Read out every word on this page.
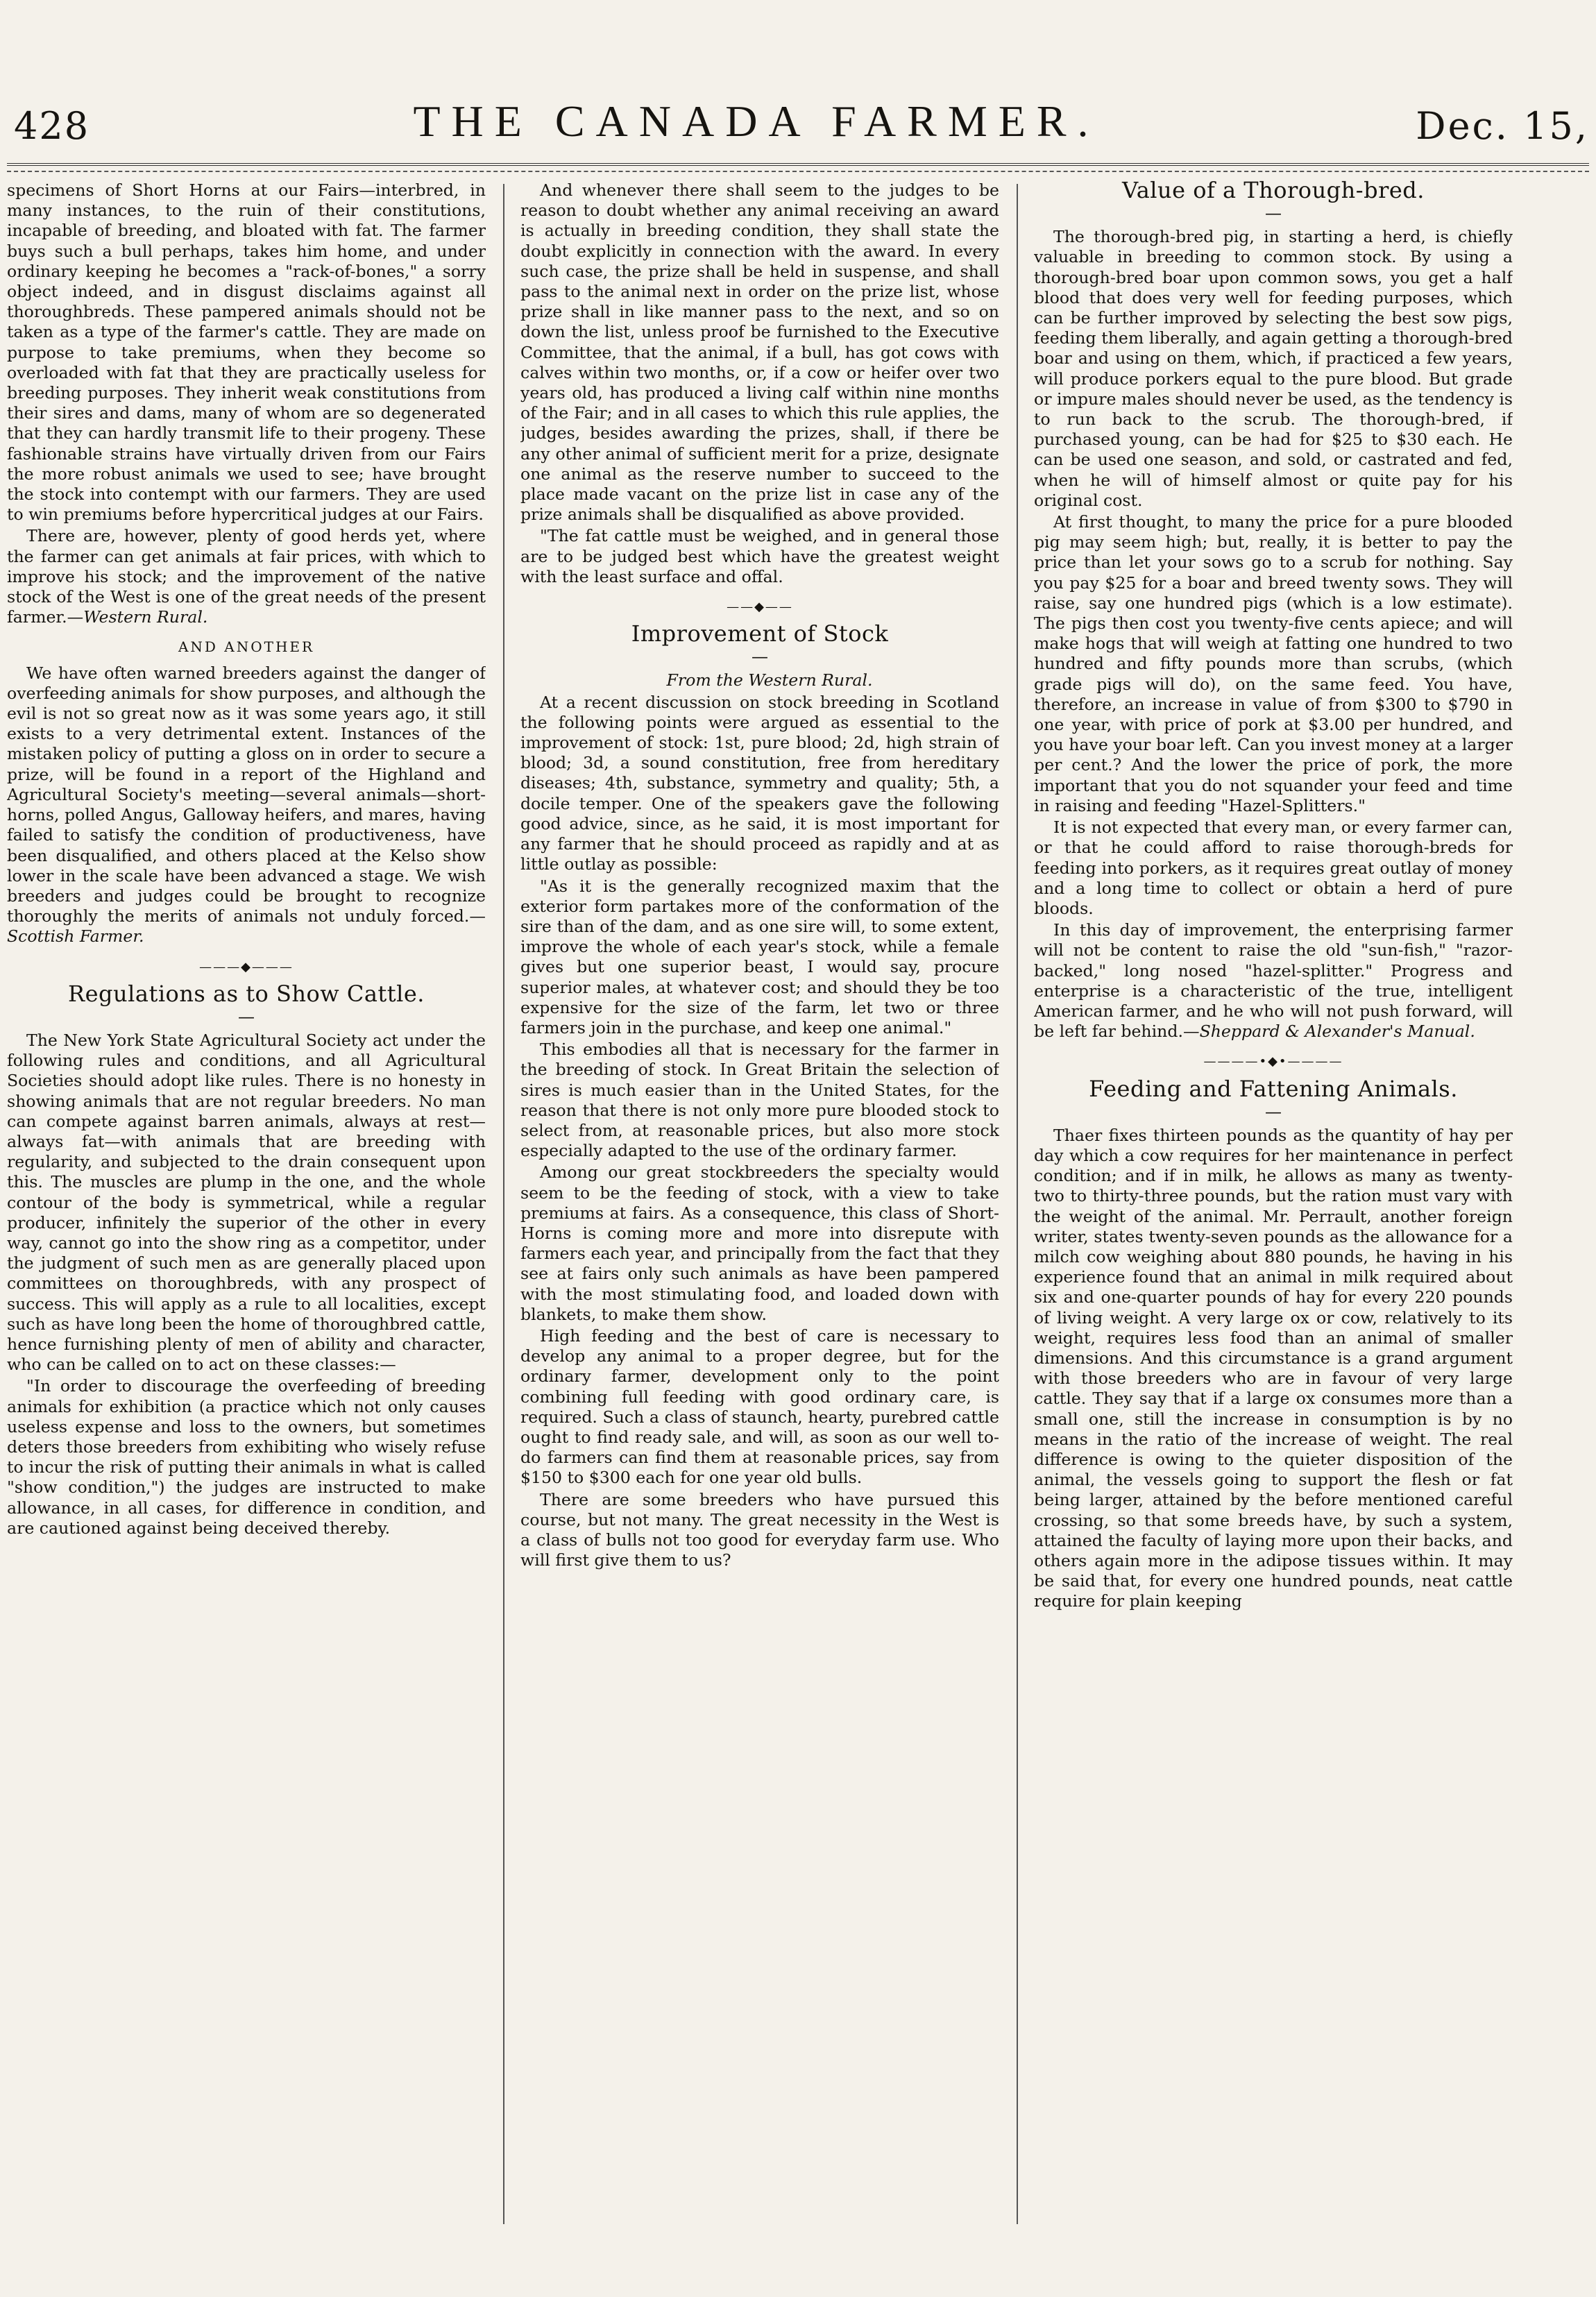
428	THE CANADA FARMER.	Dec. 15,

specimens of Short Horns at our Fairs—interbred, in many instances, to the ruin of their constitutions, incapable of breeding, and bloated with fat. The farmer buys such a bull perhaps, takes him home, and under ordinary keeping he becomes a "rack-of-bones," a sorry object indeed, and in disgust disclaims against all thoroughbreds. These pampered animals should not be taken as a type of the farmer's cattle. They are made on purpose to take premiums, when they become so overloaded with fat that they are practically useless for breeding purposes. They inherit weak constitutions from their sires and dams, many of whom are so degenerated that they can hardly transmit life to their progeny. These fashionable strains have virtually driven from our Fairs the more robust animals we used to see; have brought the stock into contempt with our farmers. They are used to win premiums before hypercritical judges at our Fairs.

There are, however, plenty of good herds yet, where the farmer can get animals at fair prices, with which to improve his stock; and the improvement of the native stock of the West is one of the great needs of the present farmer.—Western Rural.

AND ANOTHER

We have often warned breeders against the danger of overfeeding animals for show purposes, and although the evil is not so great now as it was some years ago, it still exists to a very detrimental extent. Instances of the mistaken policy of putting a gloss on in order to secure a prize, will be found in a report of the Highland and Agricultural Society's meeting—several animals—short-horns, polled Angus, Galloway heifers, and mares, having failed to satisfy the condition of productiveness, have been disqualified, and others placed at the Kelso show lower in the scale have been advanced a stage. We wish breeders and judges could be brought to recognize thoroughly the merits of animals not unduly forced.—Scottish Farmer.

———◆———
Regulations as to Show Cattle.
—

The New York State Agricultural Society act under the following rules and conditions, and all Agricultural Societies should adopt like rules. There is no honesty in showing animals that are not regular breeders. No man can compete against barren animals, always at rest—always fat—with animals that are breeding with regularity, and subjected to the drain consequent upon this. The muscles are plump in the one, and the whole contour of the body is symmetrical, while a regular producer, infinitely the superior of the other in every way, cannot go into the show ring as a competitor, under the judgment of such men as are generally placed upon committees on thoroughbreds, with any prospect of success. This will apply as a rule to all localities, except such as have long been the home of thoroughbred cattle, hence furnishing plenty of men of ability and character, who can be called on to act on these classes:—

"In order to discourage the overfeeding of breeding animals for exhibition (a practice which not only causes useless expense and loss to the owners, but sometimes deters those breeders from exhibiting who wisely refuse to incur the risk of putting their animals in what is called "show condition,") the judges are instructed to make allowance, in all cases, for difference in condition, and are cautioned against being deceived thereby.

And whenever there shall seem to the judges to be reason to doubt whether any animal receiving an award is actually in breeding condition, they shall state the doubt explicitly in connection with the award. In every such case, the prize shall be held in suspense, and shall pass to the animal next in order on the prize list, whose prize shall in like manner pass to the next, and so on down the list, unless proof be furnished to the Executive Committee, that the animal, if a bull, has got cows with calves within two months, or, if a cow or heifer over two years old, has produced a living calf within nine months of the Fair; and in all cases to which this rule applies, the judges, besides awarding the prizes, shall, if there be any other animal of sufficient merit for a prize, designate one animal as the reserve number to succeed to the place made vacant on the prize list in case any of the prize animals shall be disqualified as above provided.

"The fat cattle must be weighed, and in general those are to be judged best which have the greatest weight with the least surface and offal.

——◆——
Improvement of Stock
—

From the Western Rural.

At a recent discussion on stock breeding in Scotland the following points were argued as essential to the improvement of stock: 1st, pure blood; 2d, high strain of blood; 3d, a sound constitution, free from hereditary diseases; 4th, substance, symmetry and quality; 5th, a docile temper. One of the speakers gave the following good advice, since, as he said, it is most important for any farmer that he should proceed as rapidly and at as little outlay as possible:

"As it is the generally recognized maxim that the exterior form partakes more of the conformation of the sire than of the dam, and as one sire will, to some extent, improve the whole of each year's stock, while a female gives but one superior beast, I would say, procure superior males, at whatever cost; and should they be too expensive for the size of the farm, let two or three farmers join in the purchase, and keep one animal."

This embodies all that is necessary for the farmer in the breeding of stock. In Great Britain the selection of sires is much easier than in the United States, for the reason that there is not only more pure blooded stock to select from, at reasonable prices, but also more stock especially adapted to the use of the ordinary farmer.

Among our great stockbreeders the specialty would seem to be the feeding of stock, with a view to take premiums at fairs. As a consequence, this class of Short-Horns is coming more and more into disrepute with farmers each year, and principally from the fact that they see at fairs only such animals as have been pampered with the most stimulating food, and loaded down with blankets, to make them show.

High feeding and the best of care is necessary to develop any animal to a proper degree, but for the ordinary farmer, development only to the point combining full feeding with good ordinary care, is required. Such a class of staunch, hearty, purebred cattle ought to find ready sale, and will, as soon as our well to-do farmers can find them at reasonable prices, say from $150 to $300 each for one year old bulls.

There are some breeders who have pursued this course, but not many. The great necessity in the West is a class of bulls not too good for everyday farm use. Who will first give them to us?

Value of a Thorough-bred.
—

The thorough-bred pig, in starting a herd, is chiefly valuable in breeding to common stock. By using a thorough-bred boar upon common sows, you get a half blood that does very well for feeding purposes, which can be further improved by selecting the best sow pigs, feeding them liberally, and again getting a thorough-bred boar and using on them, which, if practiced a few years, will produce porkers equal to the pure blood. But grade or impure males should never be used, as the tendency is to run back to the scrub. The thorough-bred, if purchased young, can be had for $25 to $30 each. He can be used one season, and sold, or castrated and fed, when he will of himself almost or quite pay for his original cost.

At first thought, to many the price for a pure blooded pig may seem high; but, really, it is better to pay the price than let your sows go to a scrub for nothing. Say you pay $25 for a boar and breed twenty sows. They will raise, say one hundred pigs (which is a low estimate). The pigs then cost you twenty-five cents apiece; and will make hogs that will weigh at fatting one hundred to two hundred and fifty pounds more than scrubs, (which grade pigs will do), on the same feed. You have, therefore, an increase in value of from $300 to $790 in one year, with price of pork at $3.00 per hundred, and you have your boar left. Can you invest money at a larger per cent.? And the lower the price of pork, the more important that you do not squander your feed and time in raising and feeding "Hazel-Splitters."

It is not expected that every man, or every farmer can, or that he could afford to raise thorough-breds for feeding into porkers, as it requires great outlay of money and a long time to collect or obtain a herd of pure bloods.

In this day of improvement, the enterprising farmer will not be content to raise the old "sun-fish," "razor-backed," long nosed "hazel-splitter." Progress and enterprise is a characteristic of the true, intelligent American farmer, and he who will not push forward, will be left far behind.—Sheppard & Alexander's Manual.

————•◆•————
Feeding and Fattening Animals.
—

Thaer fixes thirteen pounds as the quantity of hay per day which a cow requires for her maintenance in perfect condition; and if in milk, he allows as many as twenty-two to thirty-three pounds, but the ration must vary with the weight of the animal. Mr. Perrault, another foreign writer, states twenty-seven pounds as the allowance for a milch cow weighing about 880 pounds, he having in his experience found that an animal in milk required about six and one-quarter pounds of hay for every 220 pounds of living weight. A very large ox or cow, relatively to its weight, requires less food than an animal of smaller dimensions. And this circumstance is a grand argument with those breeders who are in favour of very large cattle. They say that if a large ox consumes more than a small one, still the increase in consumption is by no means in the ratio of the increase of weight. The real difference is owing to the quieter disposition of the animal, the vessels going to support the flesh or fat being larger, attained by the before mentioned careful crossing, so that some breeds have, by such a system, attained the faculty of laying more upon their backs, and others again more in the adipose tissues within. It may be said that, for every one hundred pounds, neat cattle require for plain keeping
